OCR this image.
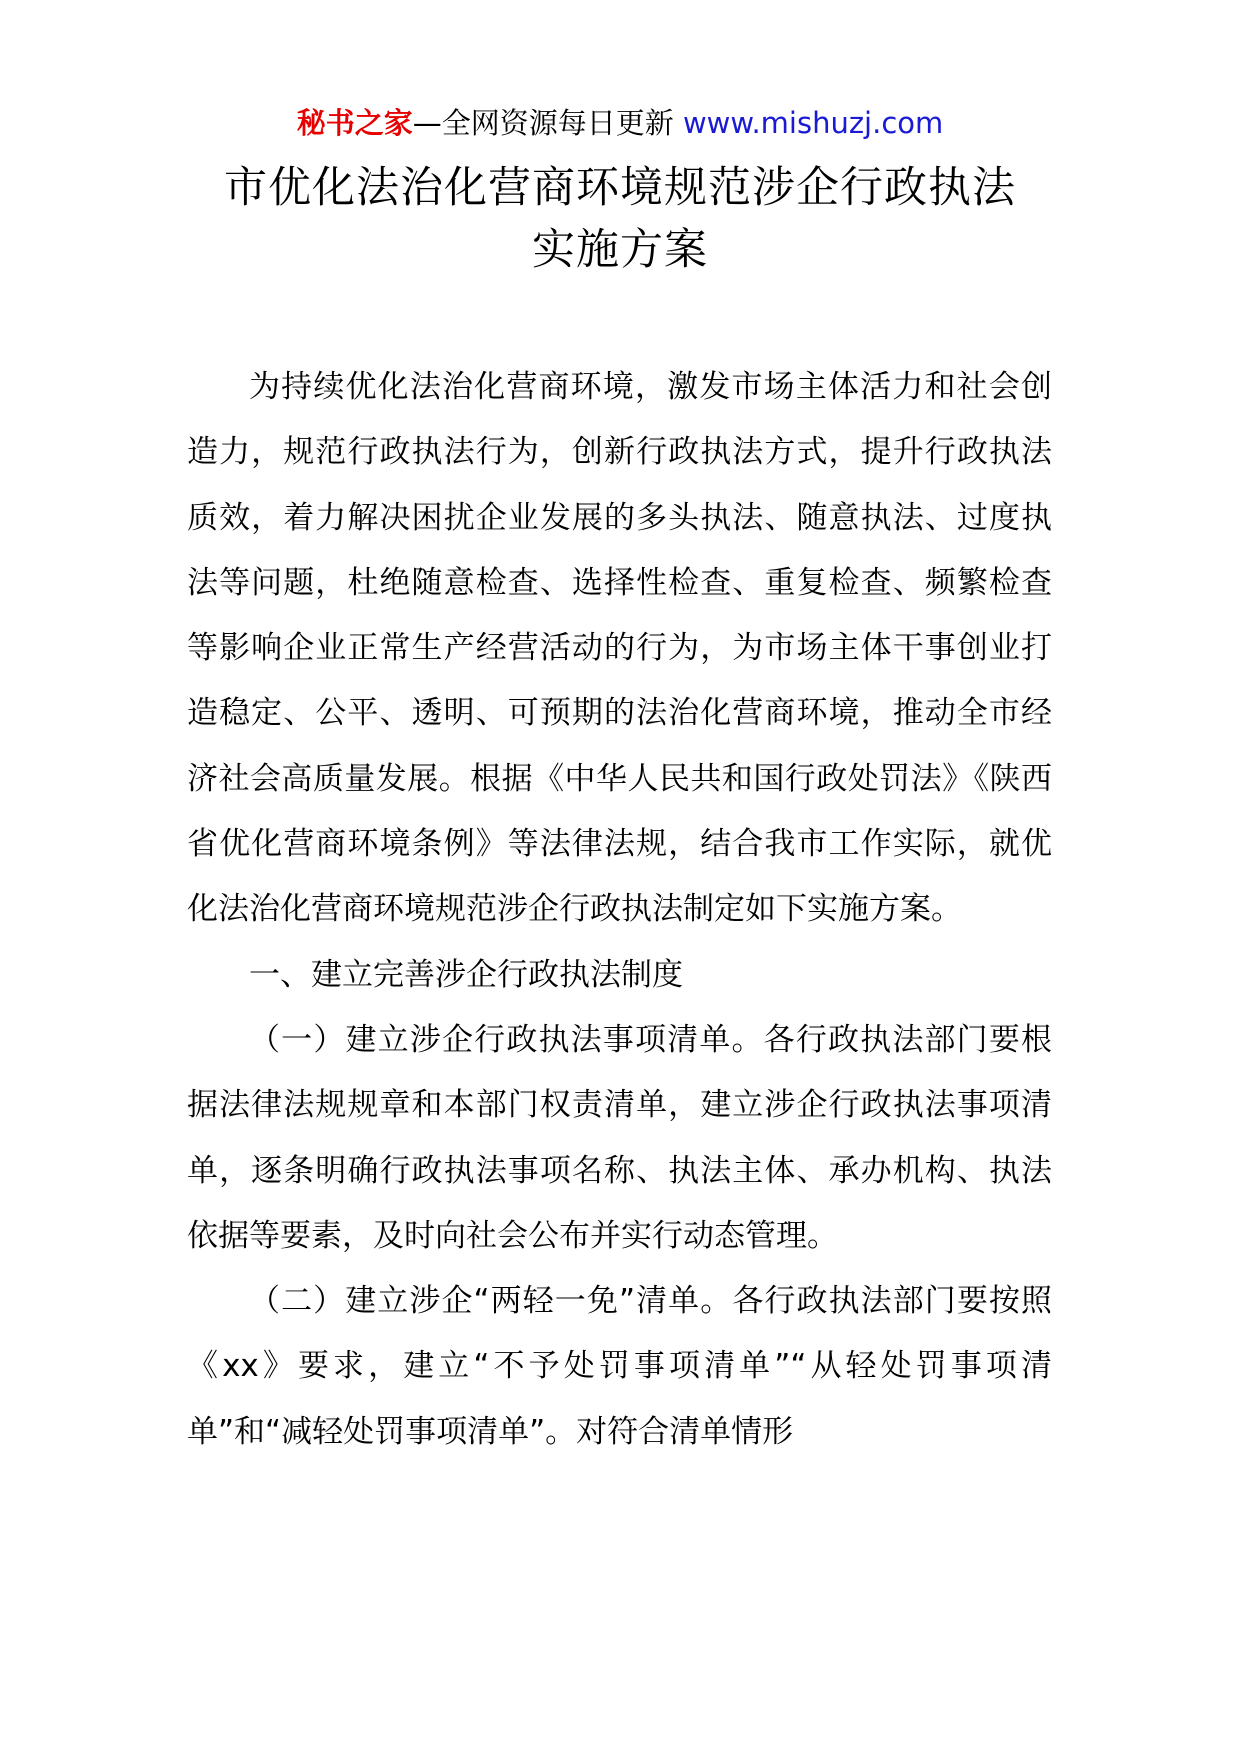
秘书之家—全网资源每日更新 www.mishuzj.com
市优化法治化营商环境规范涉企行政执法
实施方案

为持续优化法治化营商环境，激发市场主体活力和社会创造力，规范行政执法行为，创新行政执法方式，提升行政执法质效，着力解决困扰企业发展的多头执法、随意执法、过度执法等问题，杜绝随意检查、选择性检查、重复检查、频繁检查等影响企业正常生产经营活动的行为，为市场主体干事创业打造稳定、公平、透明、可预期的法治化营商环境，推动全市经济社会高质量发展。根据《中华人民共和国行政处罚法》《陕西省优化营商环境条例》等法律法规，结合我市工作实际，就优化法治化营商环境规范涉企行政执法制定如下实施方案。

一、建立完善涉企行政执法制度

（一）建立涉企行政执法事项清单。各行政执法部门要根据法律法规规章和本部门权责清单，建立涉企行政执法事项清单，逐条明确行政执法事项名称、执法主体、承办机构、执法依据等要素，及时向社会公布并实行动态管理。

（二）建立涉企“两轻一免”清单。各行政执法部门要按照《xx》要求，建立“不予处罚事项清单”“从轻处罚事项清单”和“减轻处罚事项清单”。对符合清单情形
